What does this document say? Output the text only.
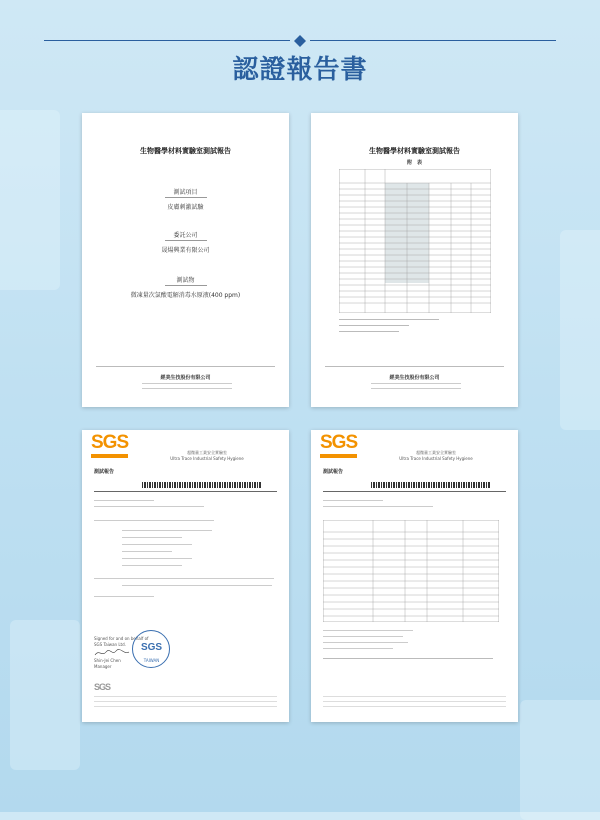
認證報告書
生物醫學材料實驗室測試報告
測試項目
皮膚刺激試驗
委託公司
晟煬興業有限公司
測試物
微凍量次氯酸電解消毒水原液(400 ppm)
經美生技股份有限公司
生物醫學材料實驗室測試報告
附　表
經美生技股份有限公司
SGS	超微量工業安全實驗室
Ultra Trace Industrial Safety Hygiene
測試報告
Signed for and on behalf of
SGS Taiwan Ltd.
Shin-Jei Chen
Manager
SGS
TAIWAN
SGS
SGS	超微量工業安全實驗室
Ultra Trace Industrial Safety Hygiene
測試報告
